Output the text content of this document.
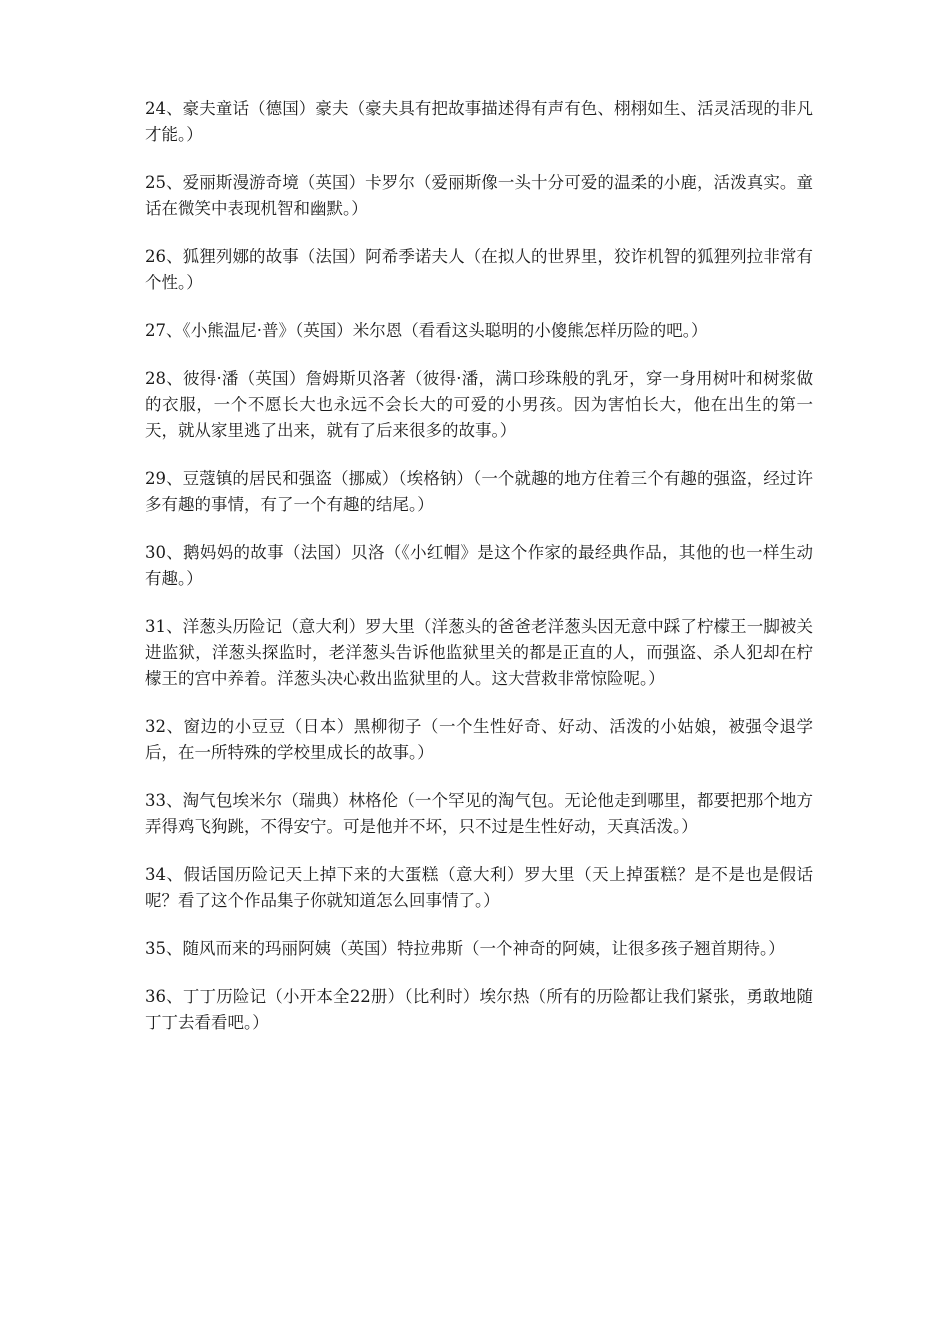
24、豪夫童话（德国）豪夫（豪夫具有把故事描述得有声有色、栩栩如生、活灵活现的非凡才能。）

25、爱丽斯漫游奇境（英国）卡罗尔（爱丽斯像一头十分可爱的温柔的小鹿，活泼真实。童话在微笑中表现机智和幽默。）

26、狐狸列娜的故事（法国）阿希季诺夫人（在拟人的世界里，狡诈机智的狐狸列拉非常有个性。）

27、《小熊温尼·普》（英国）米尔恩（看看这头聪明的小傻熊怎样历险的吧。）

28、彼得·潘（英国）詹姆斯贝洛著（彼得·潘，满口珍珠般的乳牙，穿一身用树叶和树浆做的衣服，一个不愿长大也永远不会长大的可爱的小男孩。因为害怕长大，他在出生的第一天，就从家里逃了出来，就有了后来很多的故事。）

29、豆蔻镇的居民和强盗（挪威）（埃格钠）（一个就趣的地方住着三个有趣的强盗，经过许多有趣的事情，有了一个有趣的结尾。）

30、鹅妈妈的故事（法国）贝洛（《小红帽》是这个作家的最经典作品，其他的也一样生动有趣。）

31、洋葱头历险记（意大利）罗大里（洋葱头的爸爸老洋葱头因无意中踩了柠檬王一脚被关进监狱，洋葱头探监时，老洋葱头告诉他监狱里关的都是正直的人，而强盗、杀人犯却在柠檬王的宫中养着。洋葱头决心救出监狱里的人。这大营救非常惊险呢。）

32、窗边的小豆豆（日本）黑柳彻子（一个生性好奇、好动、活泼的小姑娘，被强令退学后，在一所特殊的学校里成长的故事。）

33、淘气包埃米尔（瑞典）林格伦（一个罕见的淘气包。无论他走到哪里，都要把那个地方弄得鸡飞狗跳，不得安宁。可是他并不坏，只不过是生性好动，天真活泼。）

34、假话国历险记天上掉下来的大蛋糕（意大利）罗大里（天上掉蛋糕？是不是也是假话呢？看了这个作品集子你就知道怎么回事情了。）

35、随风而来的玛丽阿姨（英国）特拉弗斯（一个神奇的阿姨，让很多孩子翘首期待。）

36、丁丁历险记（小开本全22册）（比利时）埃尔热（所有的历险都让我们紧张，勇敢地随丁丁去看看吧。）
